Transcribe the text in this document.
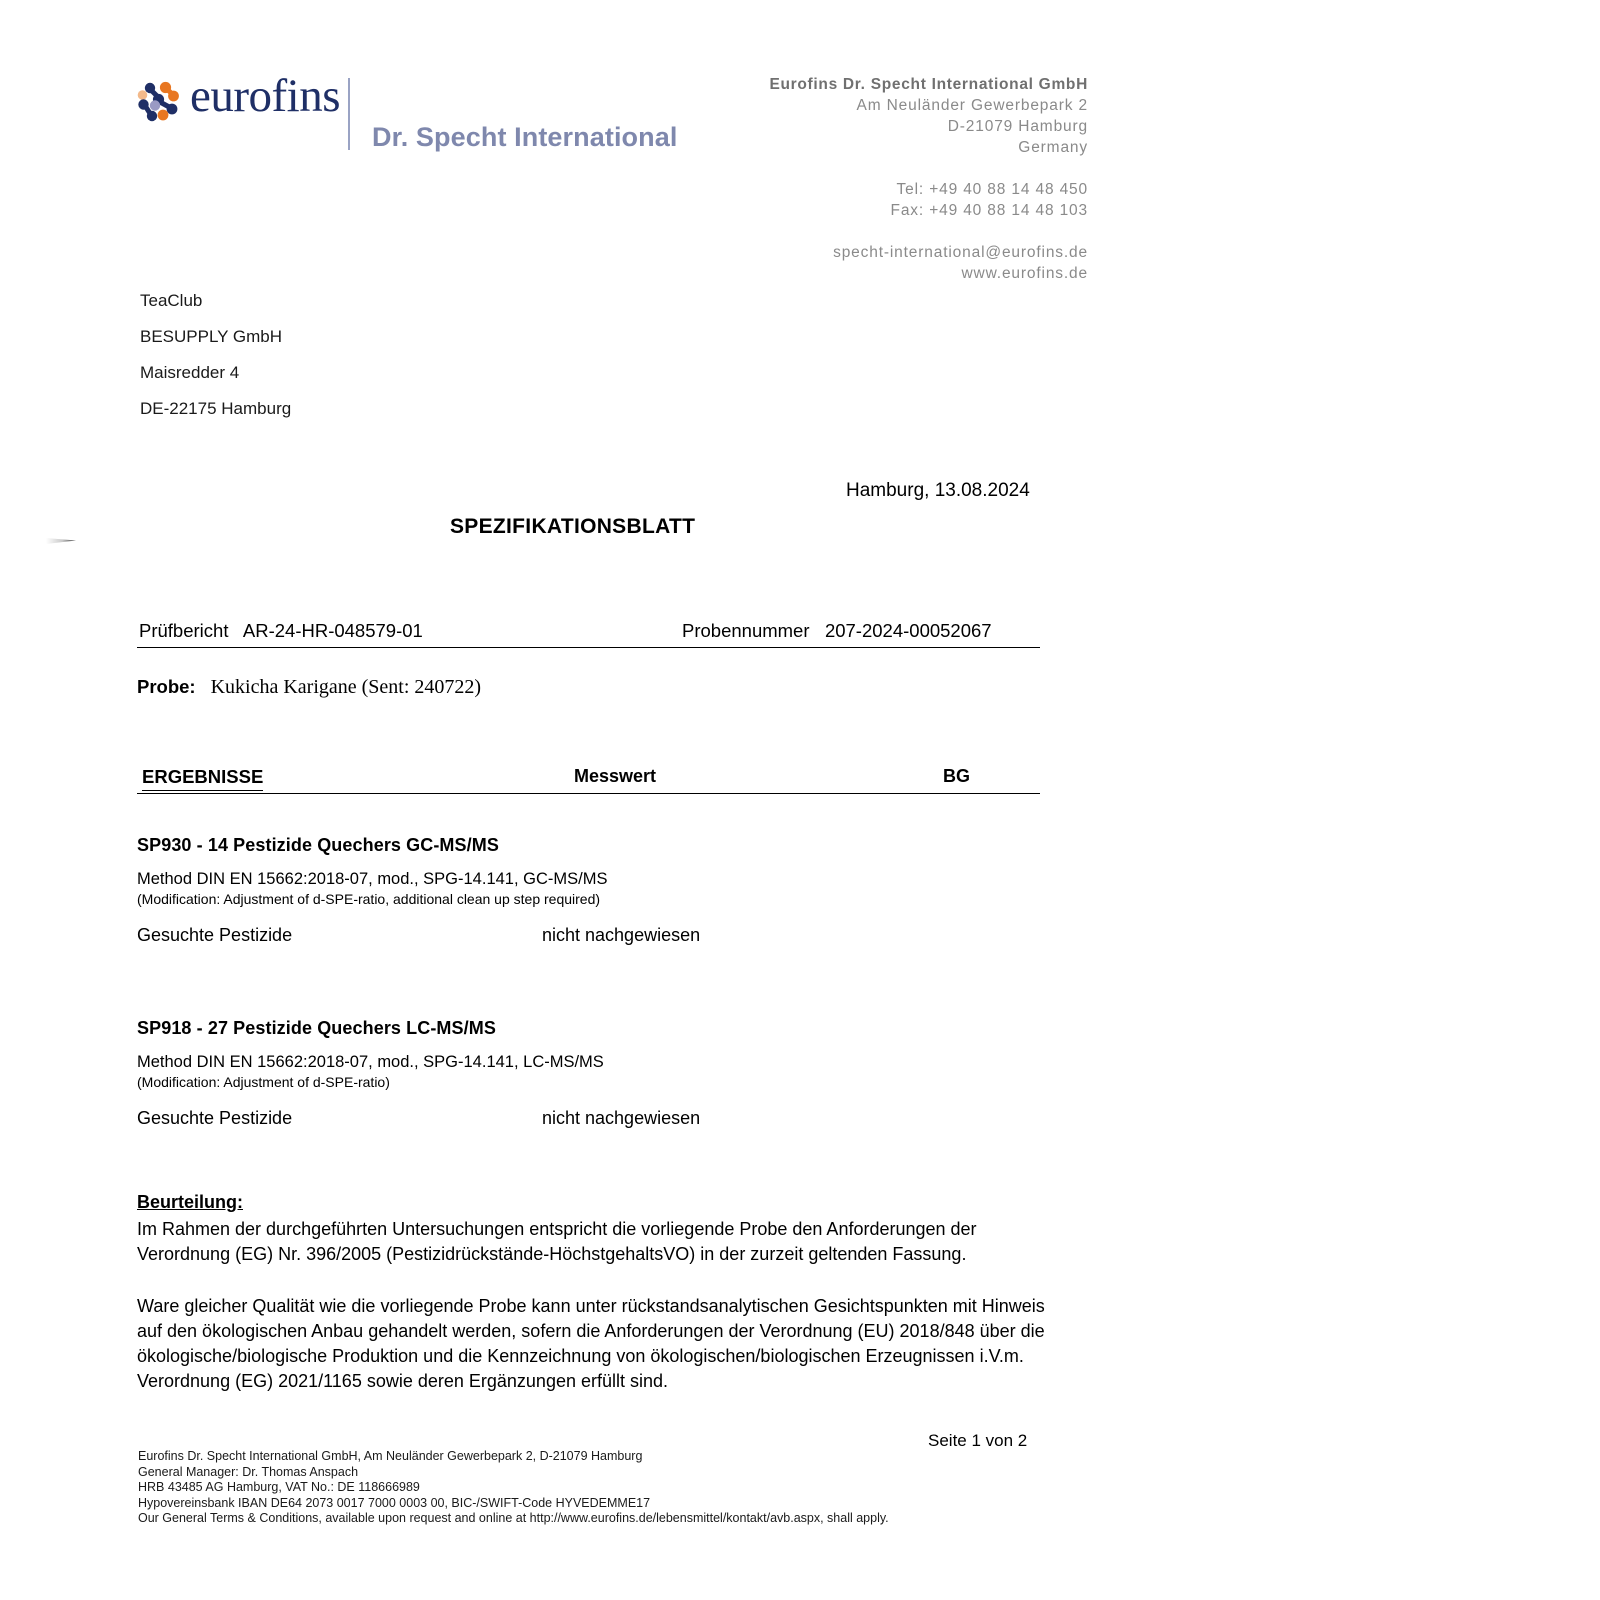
eurofins
Dr. Specht International
Eurofins Dr. Specht International GmbH
Am Neuländer Gewerbepark 2
D-21079 Hamburg
Germany
Tel: +49 40 88 14 48 450
Fax: +49 40 88 14 48 103
specht-international@eurofins.de
www.eurofins.de
TeaClub
BESUPPLY GmbH
Maisredder 4
DE-22175 Hamburg
Hamburg, 13.08.2024
SPEZIFIKATIONSBLATT
Prüfbericht AR-24-HR-048579-01	Probennummer 207-2024-00052067
Probe: Kukicha Karigane (Sent: 240722)
ERGEBNISSE	Messwert	BG
SP930 - 14 Pestizide Quechers GC-MS/MS
Method DIN EN 15662:2018-07, mod., SPG-14.141, GC-MS/MS
(Modification: Adjustment of d-SPE-ratio, additional clean up step required)
Gesuchte Pestizide	nicht nachgewiesen
SP918 - 27 Pestizide Quechers LC-MS/MS
Method DIN EN 15662:2018-07, mod., SPG-14.141, LC-MS/MS
(Modification: Adjustment of d-SPE-ratio)
Gesuchte Pestizide	nicht nachgewiesen
Beurteilung:
Im Rahmen der durchgeführten Untersuchungen entspricht die vorliegende Probe den Anforderungen der Verordnung (EG) Nr. 396/2005 (Pestizidrückstände-HöchstgehaltsVO) in der zurzeit geltenden Fassung.
Ware gleicher Qualität wie die vorliegende Probe kann unter rückstandsanalytischen Gesichtspunkten mit Hinweis auf den ökologischen Anbau gehandelt werden, sofern die Anforderungen der Verordnung (EU) 2018/848 über die ökologische/biologische Produktion und die Kennzeichnung von ökologischen/biologischen Erzeugnissen i.V.m. Verordnung (EG) 2021/1165 sowie deren Ergänzungen erfüllt sind.
Seite 1 von 2
Eurofins Dr. Specht International GmbH, Am Neuländer Gewerbepark 2, D-21079 Hamburg
General Manager: Dr. Thomas Anspach
HRB 43485 AG Hamburg, VAT No.: DE 118666989
Hypovereinsbank IBAN DE64 2073 0017 7000 0003 00, BIC-/SWIFT-Code HYVEDEMME17
Our General Terms & Conditions, available upon request and online at http://www.eurofins.de/lebensmittel/kontakt/avb.aspx, shall apply.
